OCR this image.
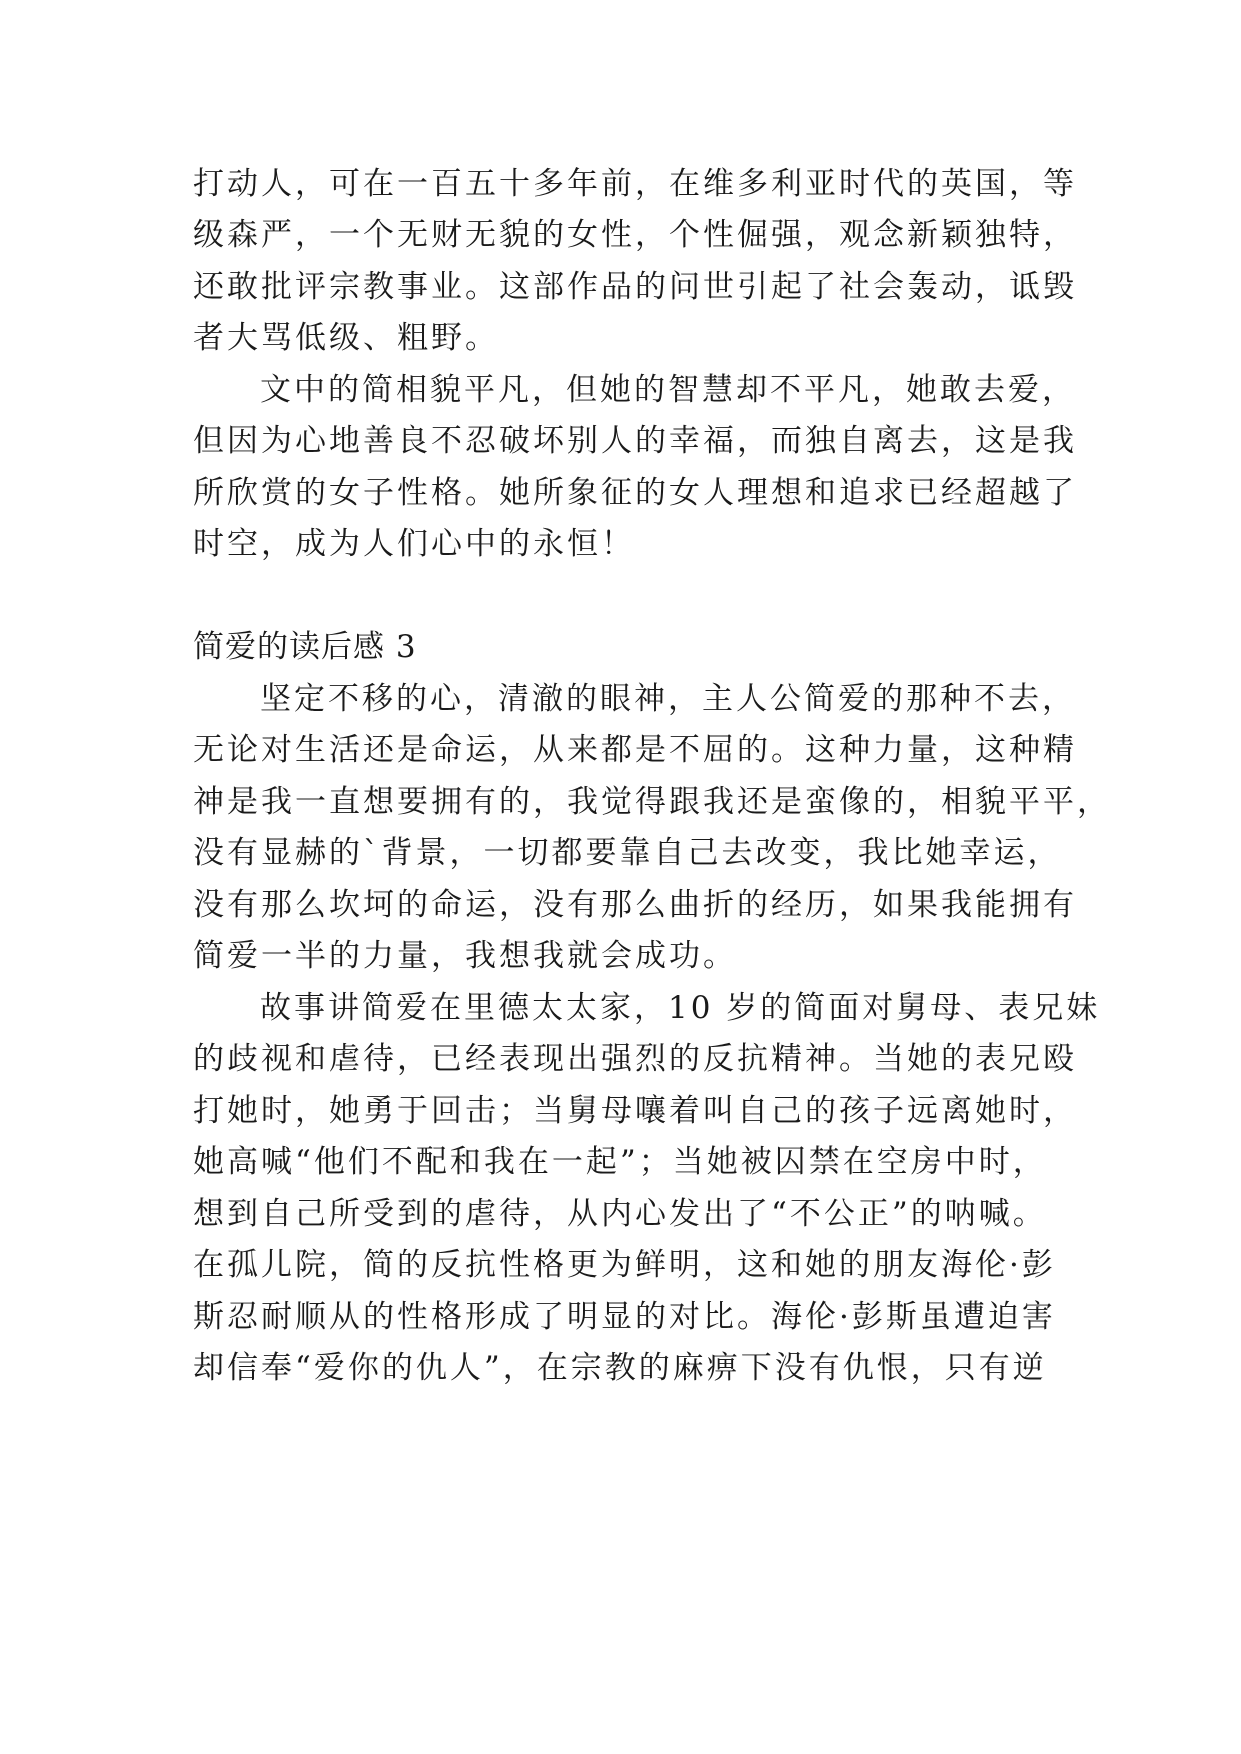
打动人，可在一百五十多年前，在维多利亚时代的英国，等
级森严，一个无财无貌的女性，个性倔强，观念新颖独特，
还敢批评宗教事业。这部作品的问世引起了社会轰动，诋毁
者大骂低级、粗野。
文中的简相貌平凡，但她的智慧却不平凡，她敢去爱，
但因为心地善良不忍破坏别人的幸福，而独自离去，这是我
所欣赏的女子性格。她所象征的女人理想和追求已经超越了
时空，成为人们心中的永恒！
简爱的读后感 3
坚定不移的心，清澈的眼神，主人公简爱的那种不去，
无论对生活还是命运，从来都是不屈的。这种力量，这种精
神是我一直想要拥有的，我觉得跟我还是蛮像的，相貌平平，
没有显赫的`背景，一切都要靠自己去改变，我比她幸运，
没有那么坎坷的命运，没有那么曲折的经历，如果我能拥有
简爱一半的力量，我想我就会成功。
故事讲简爱在里德太太家，10 岁的简面对舅母、表兄妹
的歧视和虐待，已经表现出强烈的反抗精神。当她的表兄殴
打她时，她勇于回击；当舅母嚷着叫自己的孩子远离她时，
她高喊“他们不配和我在一起”；当她被囚禁在空房中时，
想到自己所受到的虐待，从内心发出了“不公正”的呐喊。
在孤儿院，简的反抗性格更为鲜明，这和她的朋友海伦·彭
斯忍耐顺从的性格形成了明显的对比。海伦·彭斯虽遭迫害
却信奉“爱你的仇人”，在宗教的麻痹下没有仇恨，只有逆
